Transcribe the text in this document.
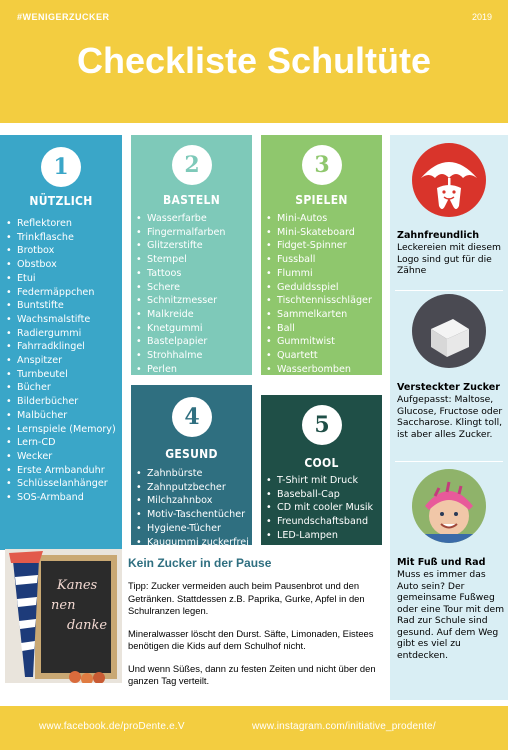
#WENIGERZUCKER	2019
Checkliste Schultüte
1
NÜTZLICH
• Reflektoren
• Trinkflasche
• Brotbox
• Obstbox
• Etui
• Federmäppchen
• Buntstifte
• Wachsmalstifte
• Radiergummi
• Fahrradklingel
• Anspitzer
• Turnbeutel
• Bücher
• Bilderbücher
• Malbücher
• Lernspiele (Memory)
• Lern-CD
• Wecker
• Erste Armbanduhr
• Schlüsselanhänger
• SOS-Armband
2
BASTELN
• Wasserfarbe
• Fingermalfarben
• Glitzerstifte
• Stempel
• Tattoos
• Schere
• Schnitzmesser
• Malkreide
• Knetgummi
• Bastelpapier
• Strohhalme
• Perlen
3
SPIELEN
• Mini-Autos
• Mini-Skateboard
• Fidget-Spinner
• Fussball
• Flummi
• Geduldsspiel
• Tischtennisschläger
• Sammelkarten
• Ball
• Gummitwist
• Quartett
• Wasserbomben
• Luftballons
4
GESUND
• Zahnbürste
• Zahnputzbecher
• Milchzahnbox
• Motiv-Taschentücher
• Hygiene-Tücher
• Kaugummi zuckerfrei
5
COOL
• T-Shirt mit Druck
• Baseball-Cap
• CD mit cooler Musik
• Freundschaftsband
• LED-Lampen
Kanes nen danke
Kein Zucker in der Pause

Tipp: Zucker vermeiden auch beim Pausenbrot und den Getränken. Stattdessen z.B. Paprika, Gurke, Apfel in den Schulranzen legen.

Mineralwasser löscht den Durst. Säfte, Limonaden, Eistees benötigen die Kids auf dem Schulhof nicht.

Und wenn Süßes, dann zu festen Zeiten und nicht über den ganzen Tag verteilt.

Zahnfreundlich
Leckereien mit diesem Logo sind gut für die Zähne
Versteckter Zucker
Aufgepasst: Maltose, Glucose, Fructose oder Saccharose. Klingt toll, ist aber alles Zucker.
Mit Fuß und Rad
Muss es immer das Auto sein? Der gemeinsame Fußweg oder eine Tour mit dem Rad zur Schule sind gesund. Auf dem Weg gibt es viel zu entdecken.
www.facebook.de/proDente.e.V	www.instagram.com/initiative_prodente/
